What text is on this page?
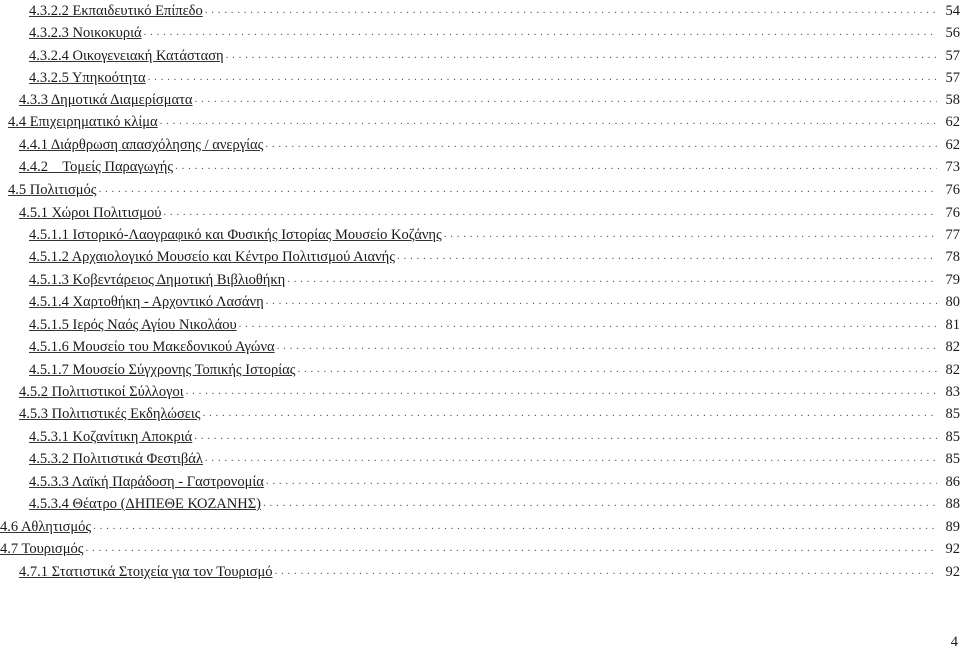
4.3.2.2 Εκπαιδευτικό Επίπεδο . . .	54
4.3.2.3 Νοικοκυριά . . .	56
4.3.2.4 Οικογενειακή Κατάσταση . . .	57
4.3.2.5 Υπηκοότητα . . .	57
4.3.3 Δημοτικά Διαμερίσματα . . .	58
4.4 Επιχειρηματικό κλίμα . . .	62
4.4.1 Διάρθρωση απασχόλησης / ανεργίας . . .	62
4.4.2    Τομείς Παραγωγής . . .	73
4.5 Πολιτισμός . . .	76
4.5.1 Χώροι Πολιτισμού . . .	76
4.5.1.1 Ιστορικό-Λαογραφικό και Φυσικής Ιστορίας Μουσείο Κοζάνης . . .	77
4.5.1.2 Αρχαιολογικό Μουσείο και Κέντρο Πολιτισμού Αιανής . . .	78
4.5.1.3 Κοβεντάρειος Δημοτική Βιβλιοθήκη . . .	79
4.5.1.4 Χαρτοθήκη - Αρχοντικό Λασάνη . . .	80
4.5.1.5 Ιερός Ναός Αγίου Νικολάου . . .	81
4.5.1.6 Μουσείο του Μακεδονικού Αγώνα . . .	82
4.5.1.7 Μουσείο Σύγχρονης Τοπικής Ιστορίας . . .	82
4.5.2 Πολιτιστικοί Σύλλογοι . . .	83
4.5.3 Πολιτιστικές Εκδηλώσεις . . .	85
4.5.3.1 Κοζανίτικη Αποκριά . . .	85
4.5.3.2 Πολιτιστικά Φεστιβάλ . . .	85
4.5.3.3 Λαϊκή Παράδοση - Γαστρονομία . . .	86
4.5.3.4 Θέατρο (ΔΗΠΕΘΕ ΚΟΖΑΝΗΣ) . . .	88
4.6 Αθλητισμός . . .	89
4.7 Τουρισμός . . .	92
4.7.1 Στατιστικά Στοιχεία για τον Τουρισμό . . .	92
4
